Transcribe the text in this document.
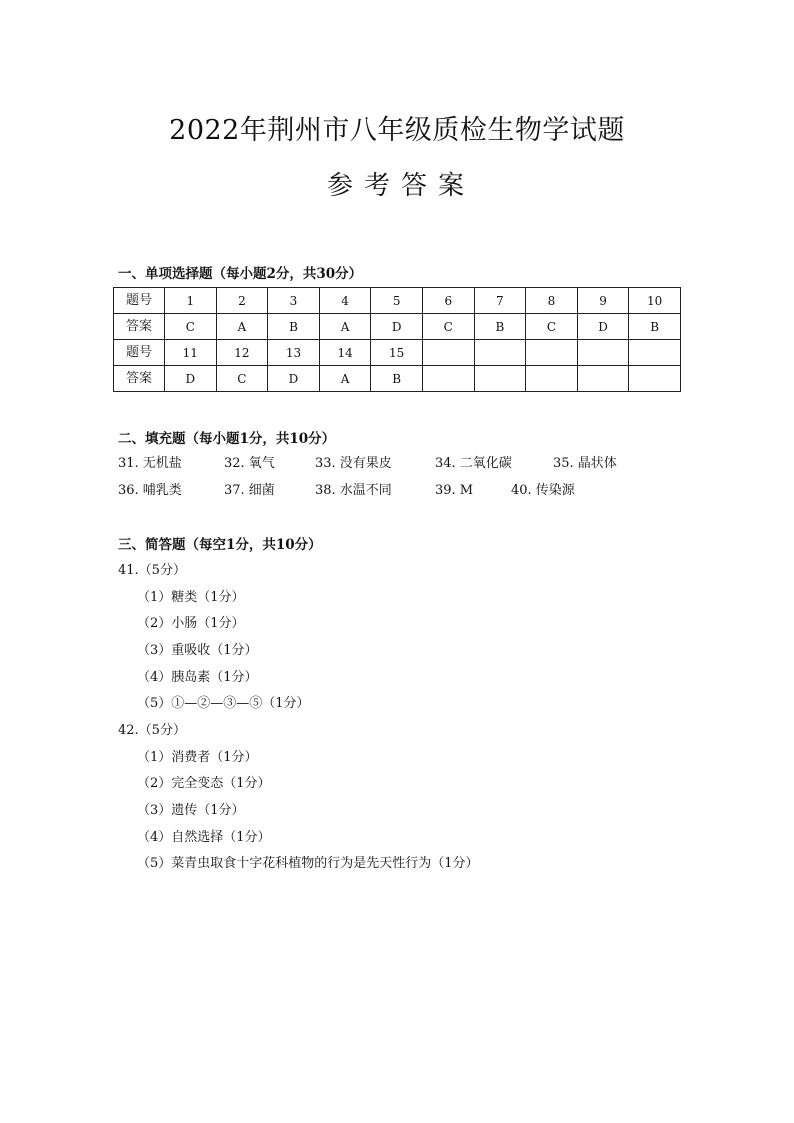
2022年荆州市八年级质检生物学试题
参考答案
一、单项选择题（每小题2分，共30分）
题号	1	2	3	4	5	6	7	8	9	10
答案	C	A	B	A	D	C	B	C	D	B
题号	11	12	13	14	15					
答案	D	C	D	A	B					
二、填充题（每小题1分，共10分）
31. 无机盐	32. 氧气	33. 没有果皮	34. 二氧化碳	35. 晶状体
36. 哺乳类	37. 细菌	38. 水温不同	39. M	40. 传染源
三、简答题（每空1分，共10分）
41.（5分）
（1）糖类（1分）
（2）小肠（1分）
（3）重吸收（1分）
（4）胰岛素（1分）
（5）①—②—③—⑤（1分）
42.（5分）
（1）消费者（1分）
（2）完全变态（1分）
（3）遗传（1分）
（4）自然选择（1分）
（5）菜青虫取食十字花科植物的行为是先天性行为（1分）
